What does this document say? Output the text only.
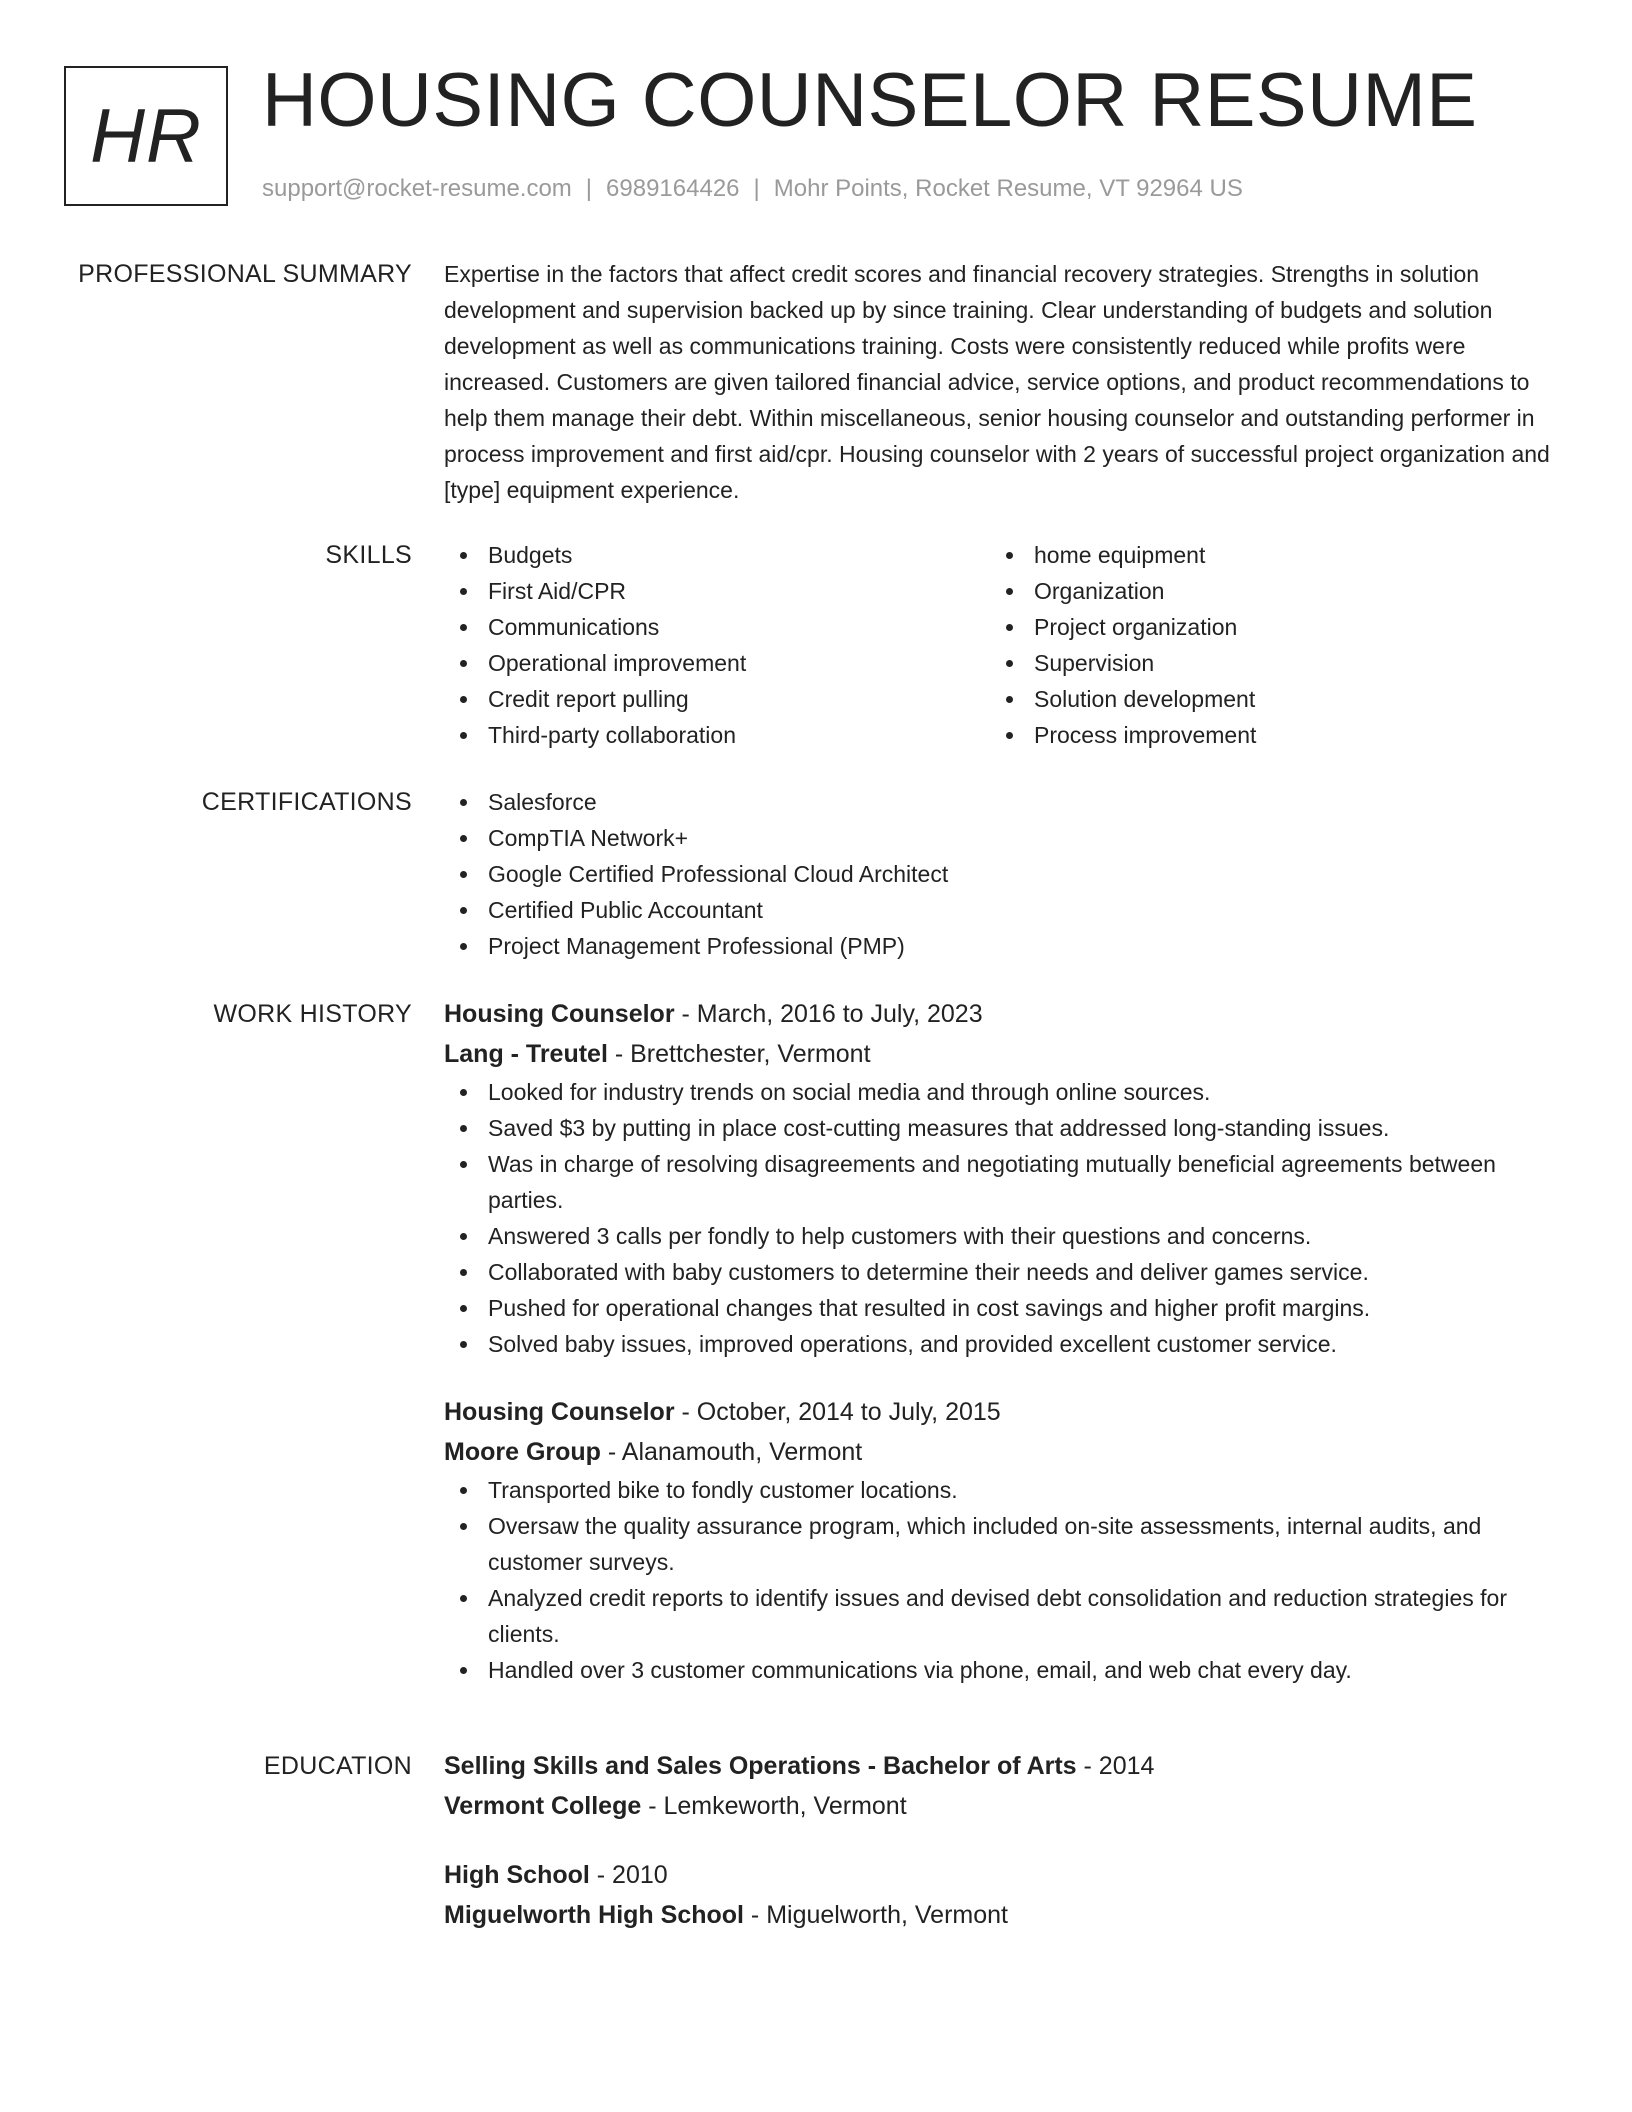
HR HOUSING COUNSELOR RESUME
support@rocket-resume.com | 6989164426 | Mohr Points, Rocket Resume, VT 92964 US
PROFESSIONAL SUMMARY Expertise in the factors that affect credit scores and financial recovery strategies. Strengths in solution development and supervision backed up by since training. Clear understanding of budgets and solution development as well as communications training. Costs were consistently reduced while profits were increased. Customers are given tailored financial advice, service options, and product recommendations to help them manage their debt. Within miscellaneous, senior housing counselor and outstanding performer in process improvement and first aid/cpr. Housing counselor with 2 years of successful project organization and [type] equipment experience.

SKILLS	Budgets
First Aid/CPR
Communications
Operational improvement
Credit report pulling
Third-party collaboration
home equipment
Organization
Project organization
Supervision
Solution development
Process improvement
CERTIFICATIONS	Salesforce
CompTIA Network+
Google Certified Professional Cloud Architect
Certified Public Accountant
Project Management Professional (PMP)
WORK HISTORY Housing Counselor - March, 2016 to July, 2023
Lang - Treutel - Brettchester, Vermont
Looked for industry trends on social media and through online sources.
Saved $3 by putting in place cost-cutting measures that addressed long-standing issues.
Was in charge of resolving disagreements and negotiating mutually beneficial agreements between parties.
Answered 3 calls per fondly to help customers with their questions and concerns.
Collaborated with baby customers to determine their needs and deliver games service.
Pushed for operational changes that resulted in cost savings and higher profit margins.
Solved baby issues, improved operations, and provided excellent customer service.
Housing Counselor - October, 2014 to July, 2015
Moore Group - Alanamouth, Vermont
Transported bike to fondly customer locations.
Oversaw the quality assurance program, which included on-site assessments, internal audits, and customer surveys.
Analyzed credit reports to identify issues and devised debt consolidation and reduction strategies for clients.
Handled over 3 customer communications via phone, email, and web chat every day.
EDUCATION Selling Skills and Sales Operations - Bachelor of Arts - 2014
Vermont College - Lemkeworth, Vermont
High School - 2010
Miguelworth High School - Miguelworth, Vermont
